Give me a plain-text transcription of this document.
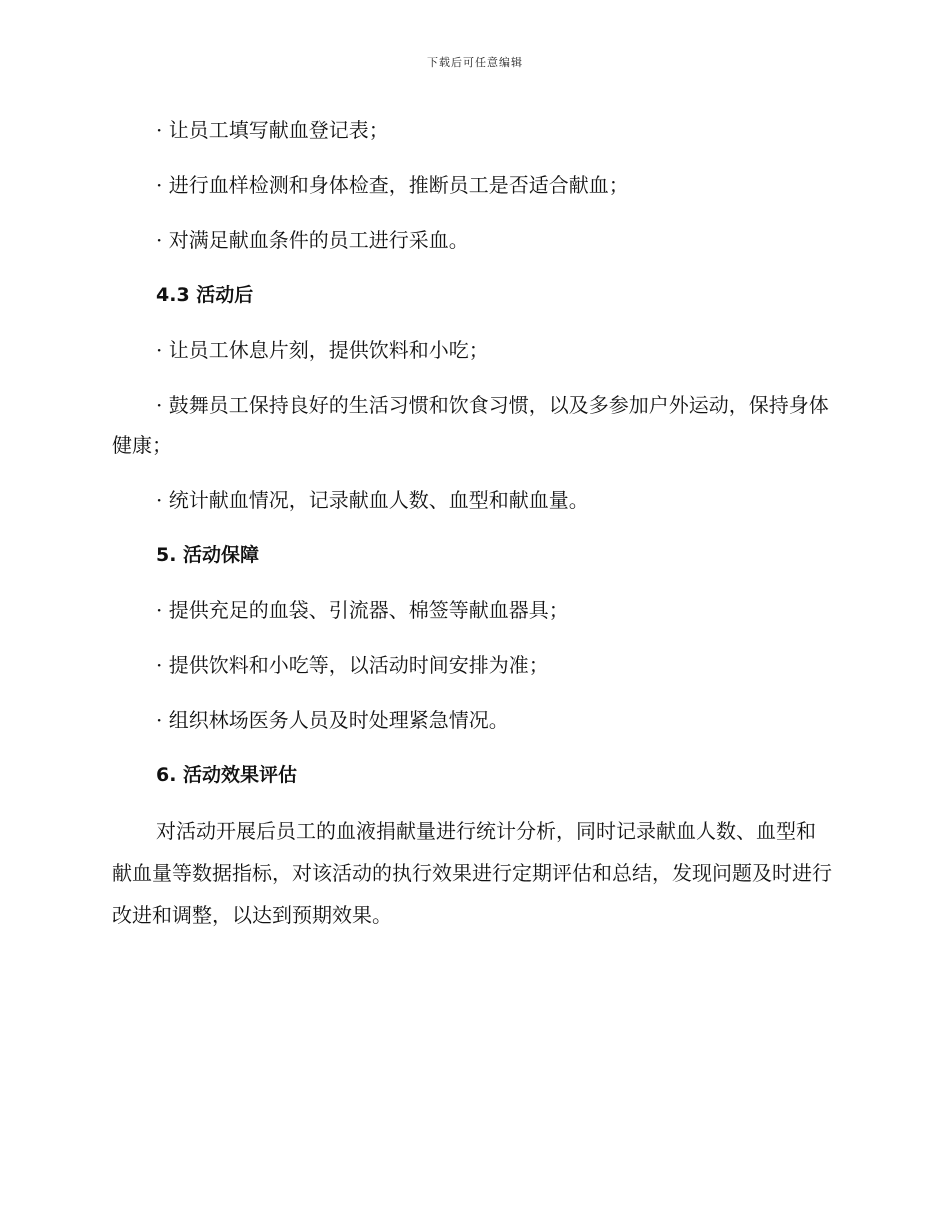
下载后可任意编辑

· 让员工填写献血登记表；

· 进行血样检测和身体检查，推断员工是否适合献血；

· 对满足献血条件的员工进行采血。

4.3 活动后

· 让员工休息片刻，提供饮料和小吃；

· 鼓舞员工保持良好的生活习惯和饮食习惯，以及多参加户外运动，保持身体健康；

· 统计献血情况，记录献血人数、血型和献血量。

5. 活动保障

· 提供充足的血袋、引流器、棉签等献血器具；

· 提供饮料和小吃等，以活动时间安排为准；

· 组织林场医务人员及时处理紧急情况。

6. 活动效果评估

对活动开展后员工的血液捐献量进行统计分析，同时记录献血人数、血型和献血量等数据指标，对该活动的执行效果进行定期评估和总结，发现问题及时进行改进和调整，以达到预期效果。
